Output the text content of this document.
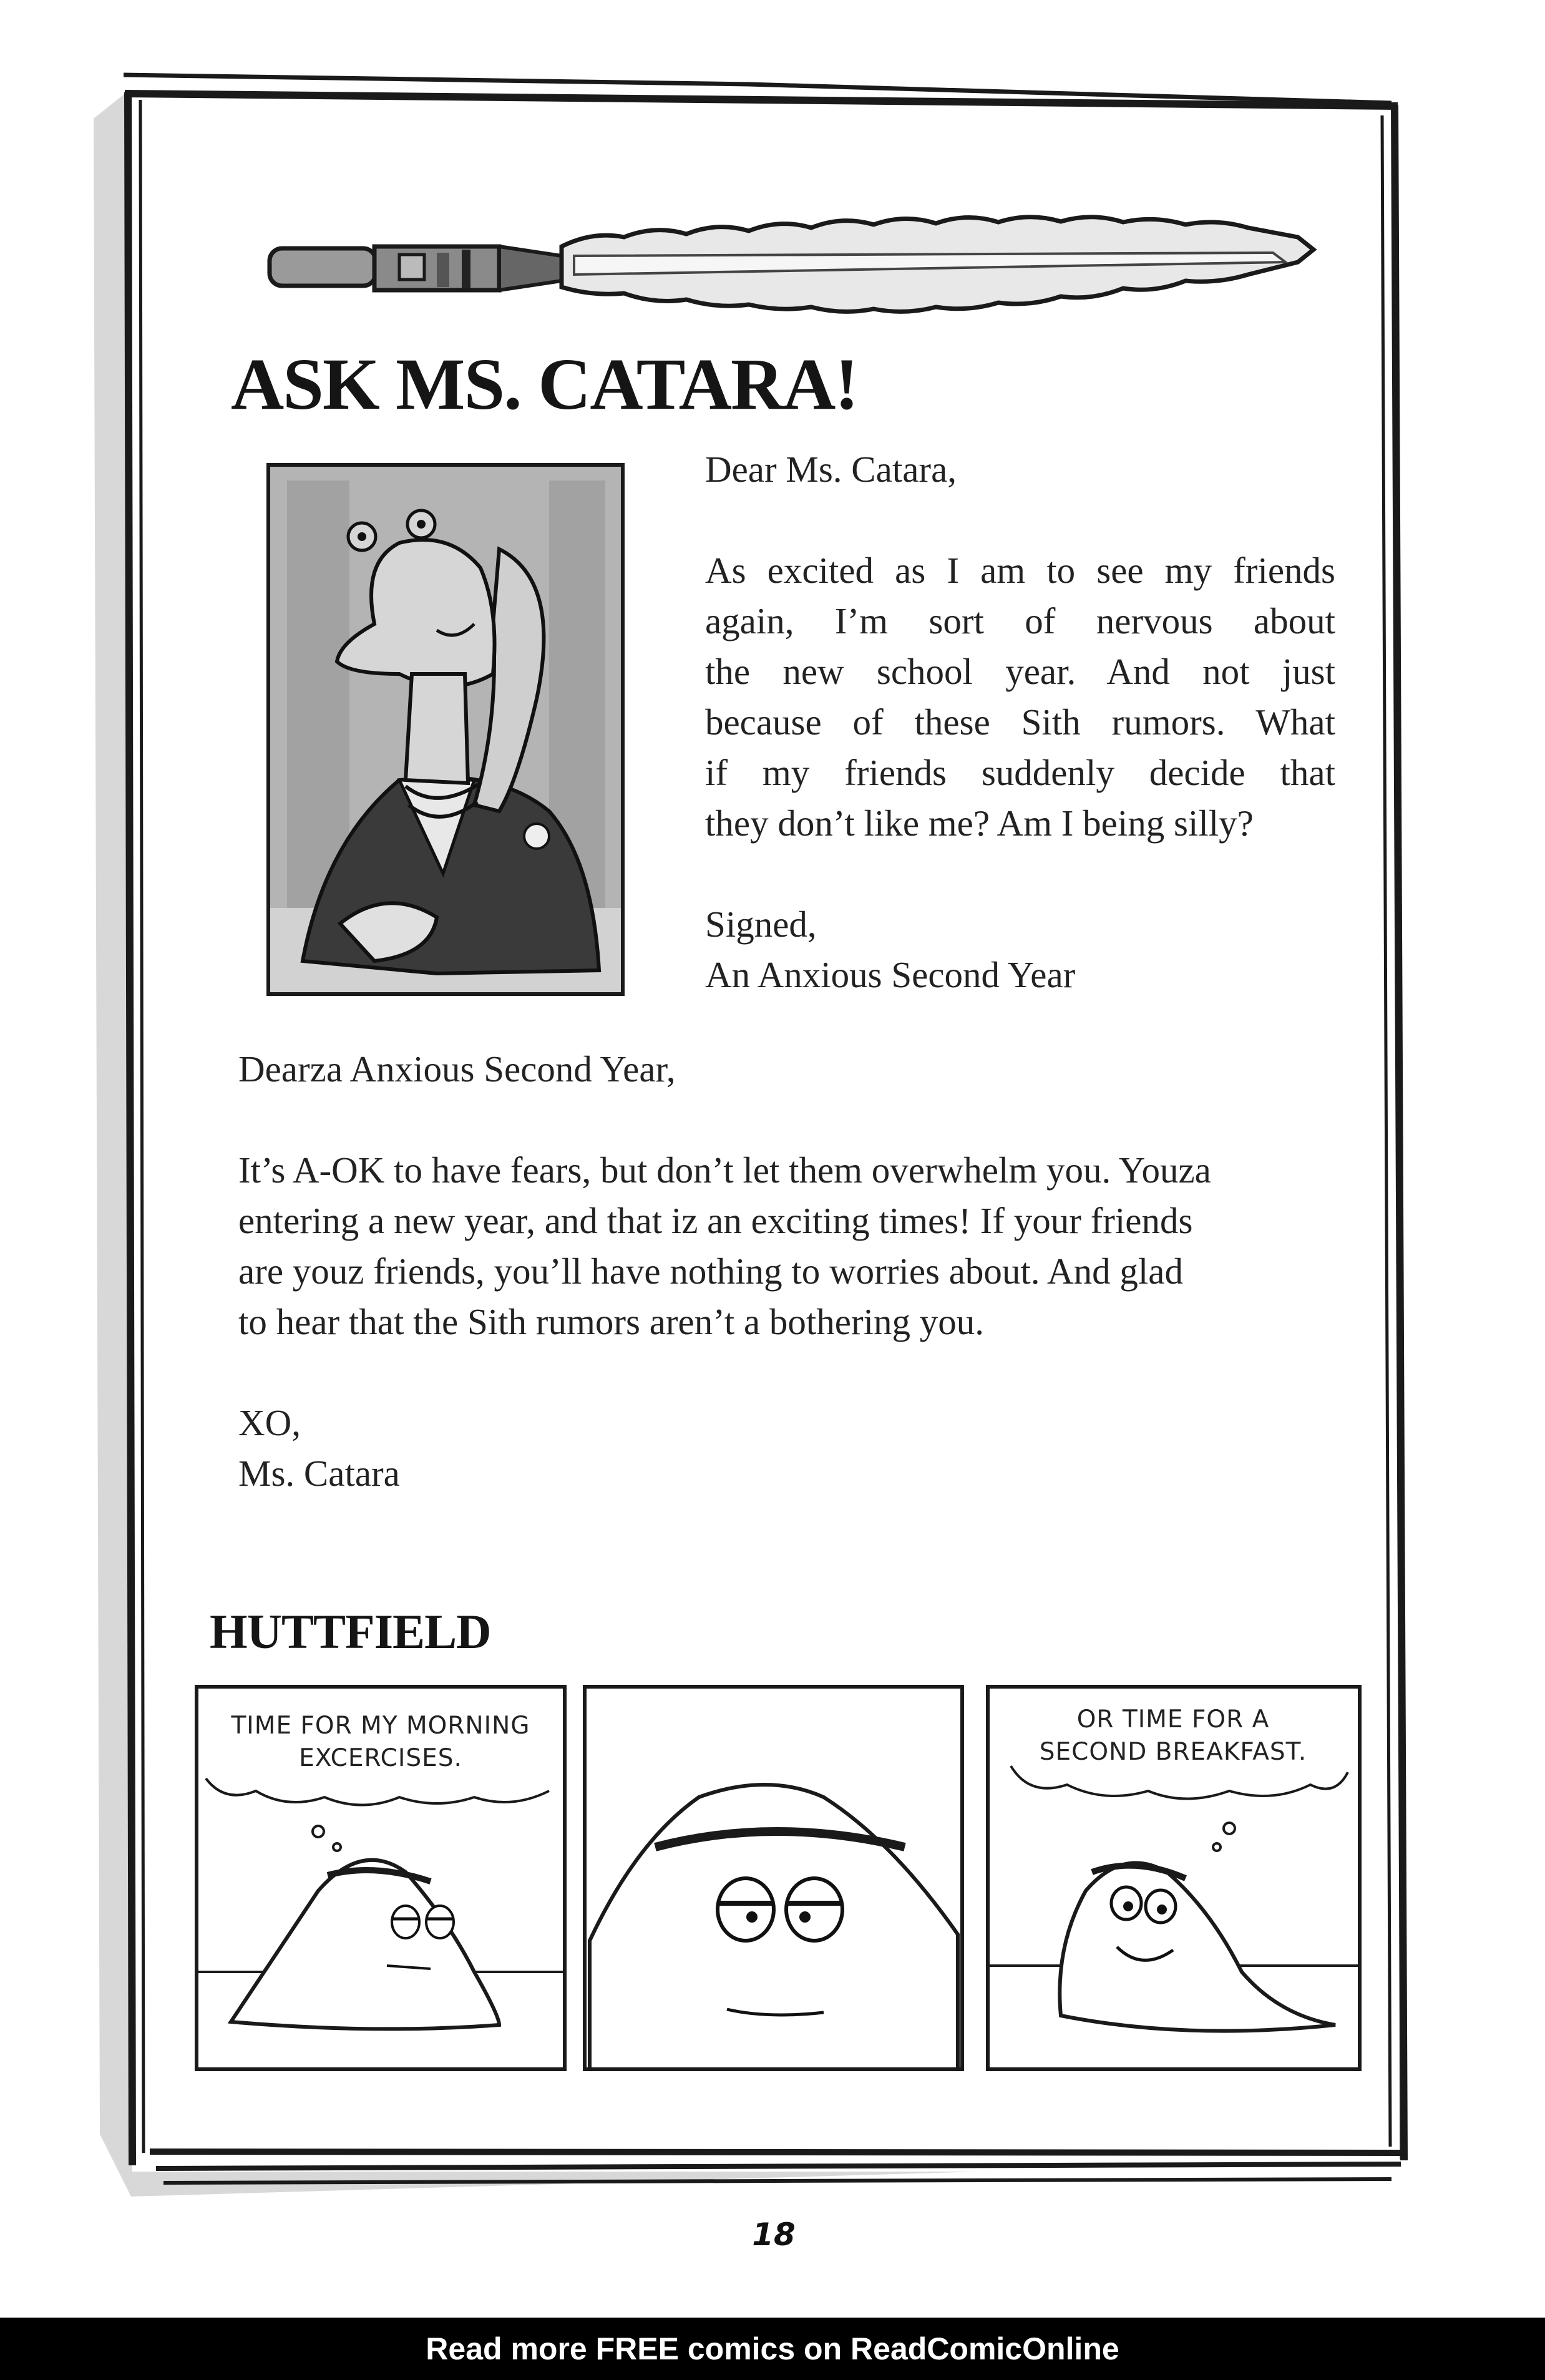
ASK MS. CATARA!

Dear Ms. Catara,

As excited as I am to see my friends

again, I’m sort of nervous about

the new school year. And not just

because of these Sith rumors. What

if my friends suddenly decide that

they don’t like me? Am I being silly?

Signed,

An Anxious Second Year

Dearza Anxious Second Year,

It’s A-OK to have fears, but don’t let them overwhelm you. Youza

entering a new year, and that iz an exciting times! If your friends

are youz friends, you’ll have nothing to worries about. And glad

to hear that the Sith rumors aren’t a bothering you.

XO,

Ms. Catara

HUTTFIELD
TIME FOR MY MORNING
EXCERCISES.
OR TIME FOR A
SECOND BREAKFAST.
18
Read more FREE comics on ReadComicOnline
